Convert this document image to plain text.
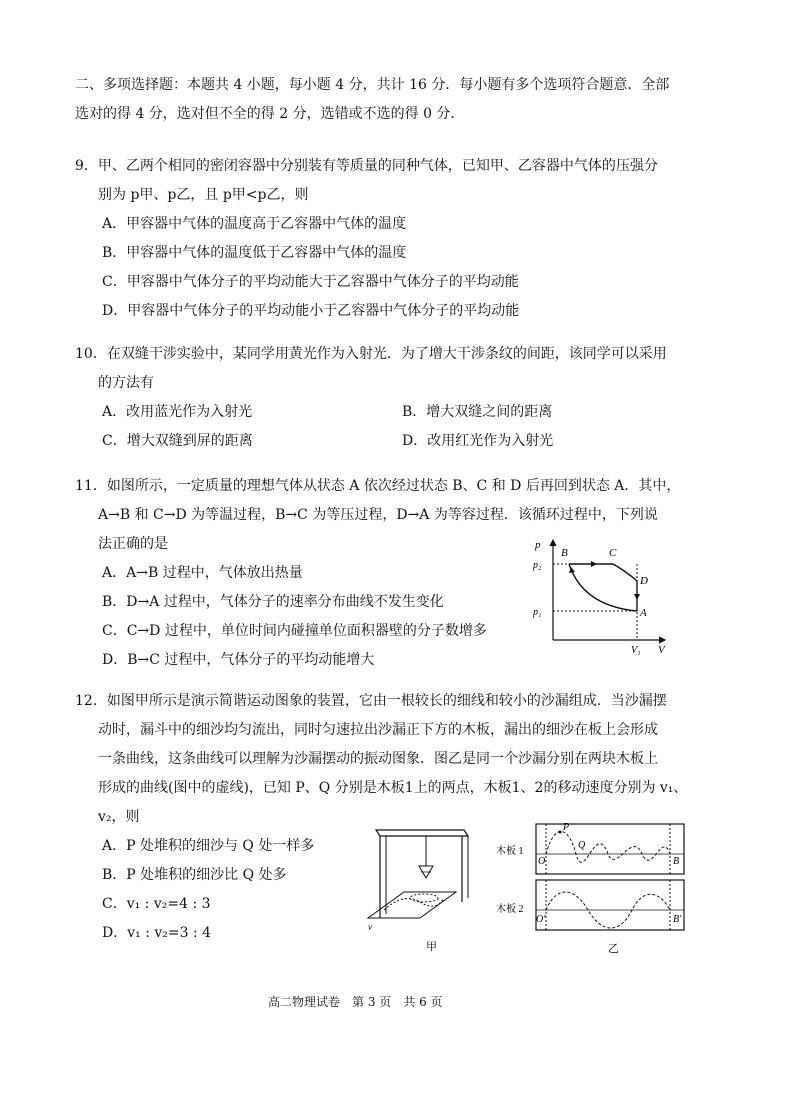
二、多项选择题：本题共 4 小题，每小题 4 分，共计 16 分．每小题有多个选项符合题意．全部
选对的得 4 分，选对但不全的得 2 分，选错或不选的得 0 分．
9．甲、乙两个相同的密闭容器中分别装有等质量的同种气体，已知甲、乙容器中气体的压强分
别为 p甲、p乙，且 p甲<p乙，则
A．甲容器中气体的温度高于乙容器中气体的温度
B．甲容器中气体的温度低于乙容器中气体的温度
C．甲容器中气体分子的平均动能大于乙容器中气体分子的平均动能
D．甲容器中气体分子的平均动能小于乙容器中气体分子的平均动能
10．在双缝干涉实验中，某同学用黄光作为入射光．为了增大干涉条纹的间距，该同学可以采用
的方法有
A．改用蓝光作为入射光	B．增大双缝之间的距离
C．增大双缝到屏的距离	D．改用红光作为入射光
11．如图所示，一定质量的理想气体从状态 A 依次经过状态 B、C 和 D 后再回到状态 A．其中，
A→B 和 C→D 为等温过程，B→C 为等压过程，D→A 为等容过程．该循环过程中，下列说
法正确的是
A．A→B 过程中，气体放出热量
B．D→A 过程中，气体分子的速率分布曲线不发生变化
C．C→D 过程中，单位时间内碰撞单位面积器壁的分子数增多
D．B→C 过程中，气体分子的平均动能增大
p
V
p₂
p₁
V₁
B	C
D
A
12．如图甲所示是演示简谐运动图象的装置，它由一根较长的细线和较小的沙漏组成．当沙漏摆
动时，漏斗中的细沙均匀流出，同时匀速拉出沙漏正下方的木板，漏出的细沙在板上会形成
一条曲线，这条曲线可以理解为沙漏摆动的振动图象．图乙是同一个沙漏分别在两块木板上
形成的曲线(图中的虚线)，已知 P、Q 分别是木板1上的两点，木板1、2的移动速度分别为 v₁、
v₂，则
A．P 处堆积的细沙与 Q 处一样多
B．P 处堆积的细沙比 Q 处多
C．v₁ : v₂=4 : 3
D．v₁ : v₂=3 : 4	v
甲
木板 1
O	B
P
Q
木板 2
O′	B′
乙
高二物理试卷　第 3 页　共 6 页
